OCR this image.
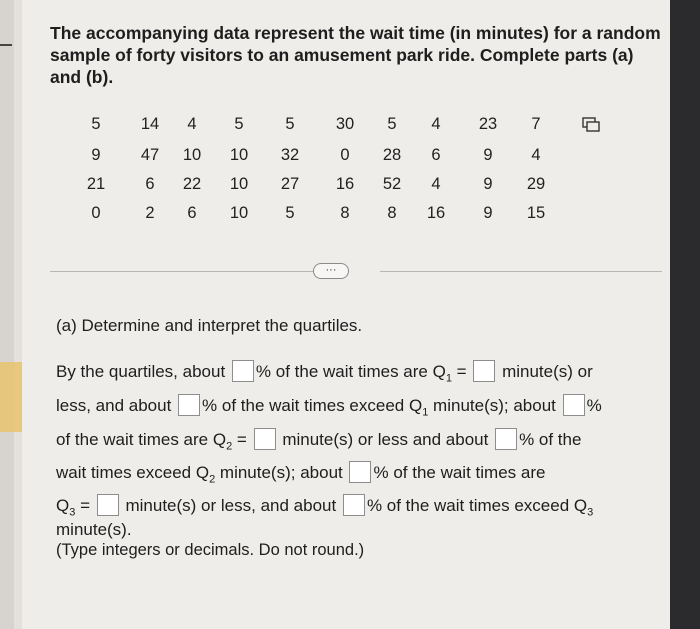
The accompanying data represent the wait time (in minutes) for a random sample of forty visitors to an amusement park ride. Complete parts (a) and (b).
5 14 4 5	5 30 5 4 23 7
9 47 10 10 32 0 28 6	9 4
21 6 22 10 27 16 52 4	9 29
0	2 6 10 5	8 8 16 9 15
···
(a) Determine and interpret the quartiles.
By the quartiles, about % of the wait times are $Q_1$ = minute(s) or
less, and about % of the wait times exceed $Q_1$ minute(s); about %
of the wait times are $Q_2$ = minute(s) or less and about % of the
wait times exceed $Q_2$ minute(s); about % of the wait times are
$Q_3$ = minute(s) or less, and about % of the wait times exceed $Q_3$
minute(s).
(Type integers or decimals. Do not round.)
